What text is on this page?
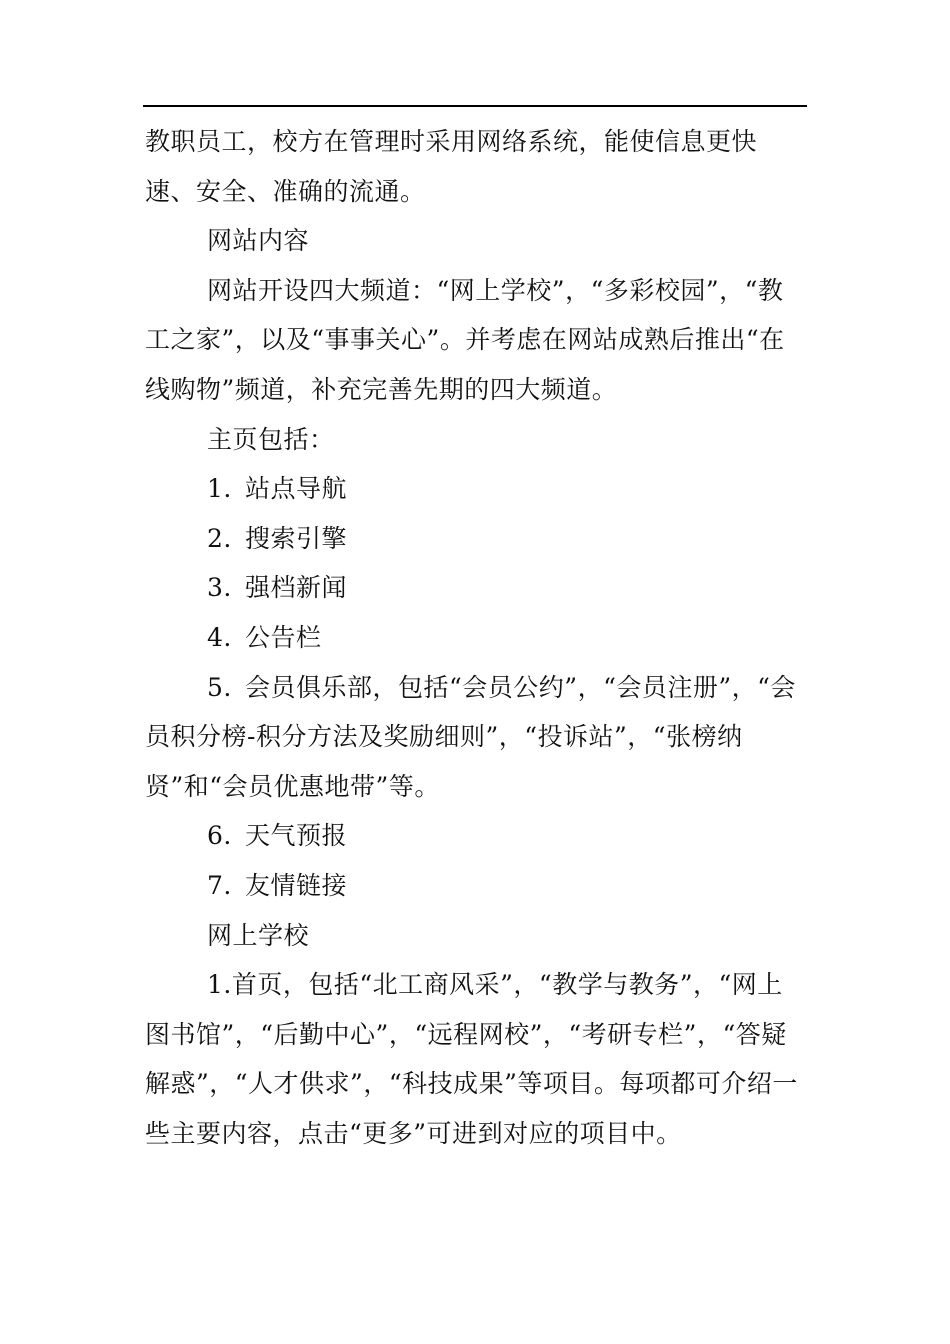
教职员工，校方在管理时采用网络系统，能使信息更快速、安全、准确的流通。

网站内容

网站开设四大频道：“网上学校”，“多彩校园”，“教工之家”，以及“事事关心”。并考虑在网站成熟后推出“在线购物”频道，补充完善先期的四大频道。

主页包括：

1. 站点导航

2. 搜索引擎

3. 强档新闻

4. 公告栏

5. 会员俱乐部，包括“会员公约”，“会员注册”，“会员积分榜-积分方法及奖励细则”，“投诉站”，“张榜纳贤”和“会员优惠地带”等。

6. 天气预报

7. 友情链接

网上学校

1.首页，包括“北工商风采”，“教学与教务”，“网上图书馆”，“后勤中心”，“远程网校”，“考研专栏”，“答疑解惑”，“人才供求”，“科技成果”等项目。每项都可介绍一些主要内容，点击“更多”可进到对应的项目中。
